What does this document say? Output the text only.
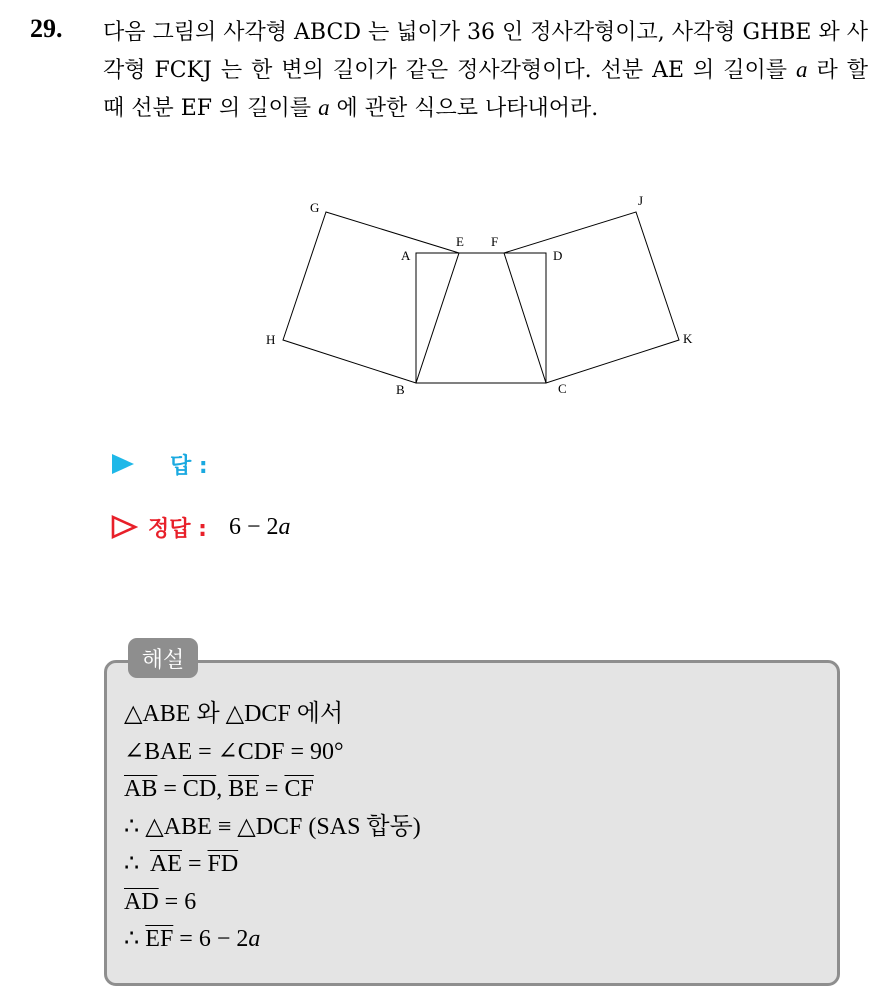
29. 다음 그림의 사각형 ABCD 는 넓이가 36 인 정사각형이고, 사각형 GHBE 와 사각형 FCKJ 는 한 변의 길이가 같은 정사각형이다. 선분 AE 의 길이를 a 라 할 때 선분 EF 의 길이를 a 에 관한 식으로 나타내어라.
G
E F
J
A	D
H	K
B	C
답 :
정답 : 6 − 2a
해설
△ABE 와 △DCF 에서
∠BAE = ∠CDF = 90°
$\overline{AB} = \overline{CD}$, $\overline{BE} = \overline{CF}$
∴ △ABE ≡ △DCF (SAS 합동)
∴  $\overline{AE} = \overline{FD}$
$\overline{AD} = 6$
∴ $\overline{EF} = 6 - 2a$
